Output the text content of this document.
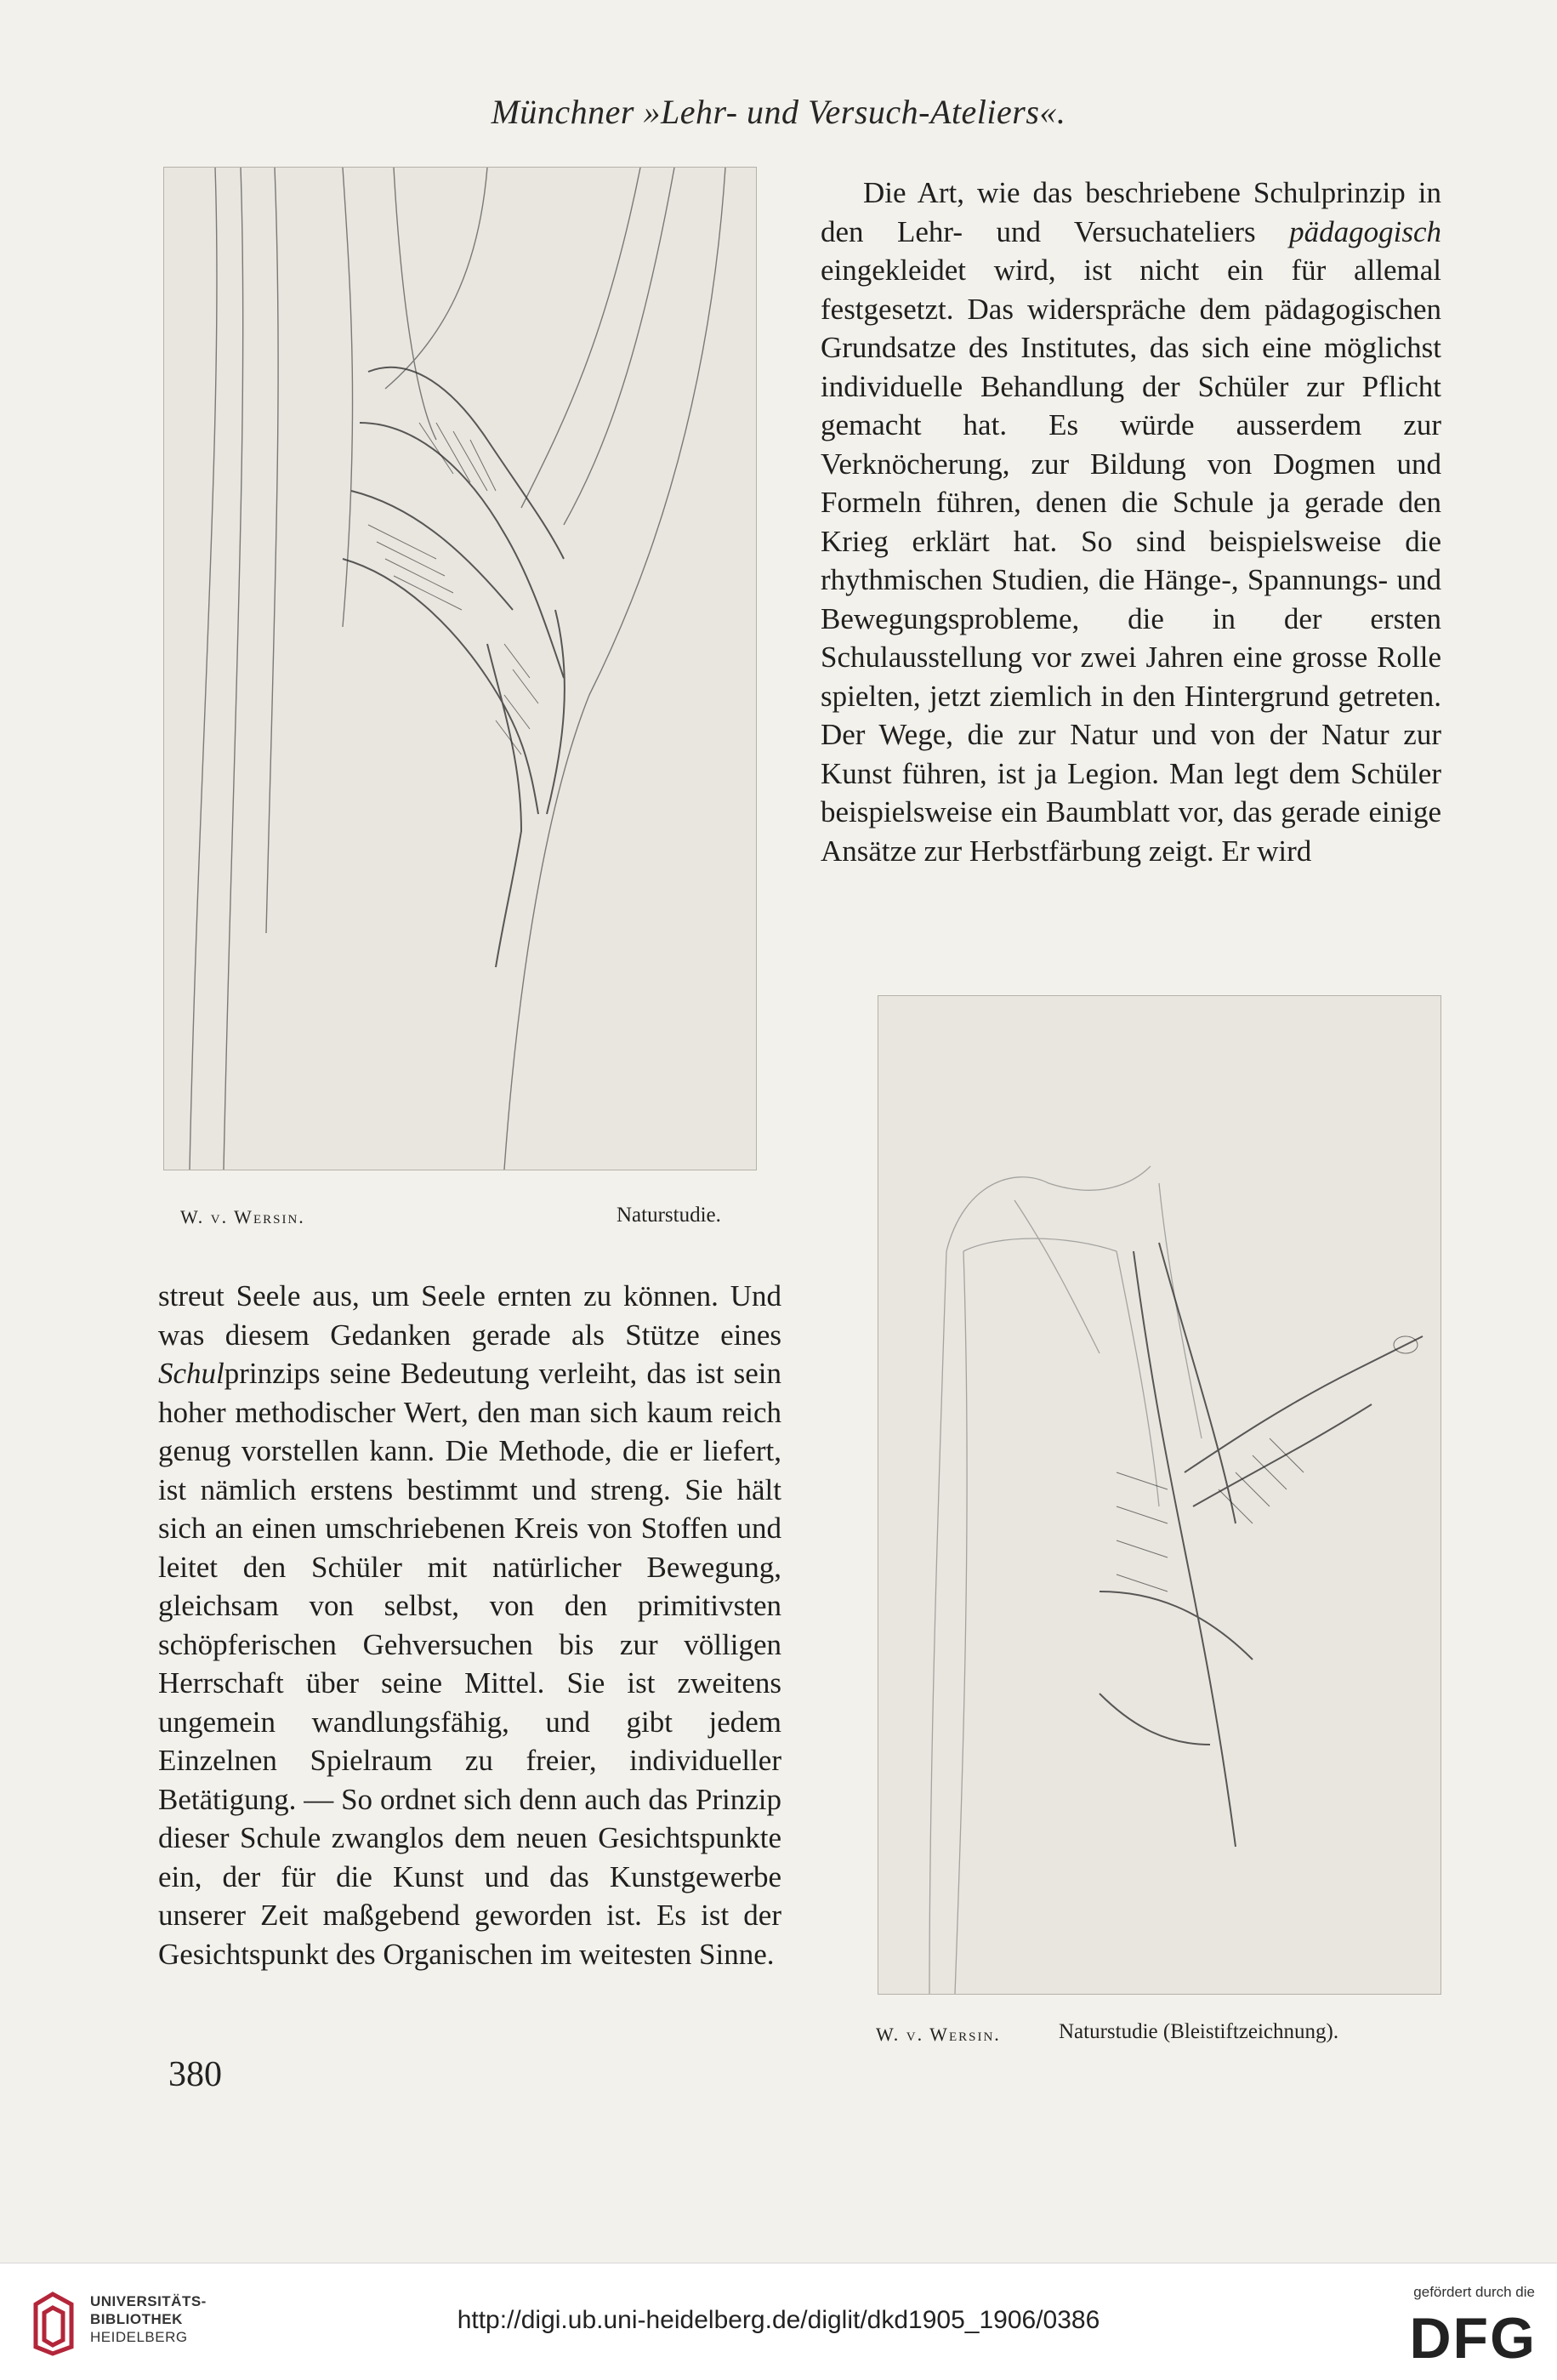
Münchner »Lehr- und Versuch-Ateliers«.
W. v. Wersin.	Naturstudie.

Die Art, wie das beschriebene Schulprinzip in den Lehr- und Versuchateliers pädagogisch eingekleidet wird, ist nicht ein für allemal festgesetzt. Das widerspräche dem pädagogischen Grundsatze des Institutes, das sich eine möglichst individuelle Behandlung der Schüler zur Pflicht gemacht hat. Es würde ausserdem zur Verknöcherung, zur Bildung von Dogmen und Formeln führen, denen die Schule ja gerade den Krieg erklärt hat. So sind beispielsweise die rhythmischen Studien, die Hänge-, Spannungs- und Bewegungsprobleme, die in der ersten Schulausstellung vor zwei Jahren eine grosse Rolle spielten, jetzt ziemlich in den Hintergrund getreten. Der Wege, die zur Natur und von der Natur zur Kunst führen, ist ja Legion. Man legt dem Schüler beispielsweise ein Baumblatt vor, das gerade einige Ansätze zur Herbstfärbung zeigt. Er wird

W. v. Wersin.	Naturstudie (Bleistiftzeichnung).

streut Seele aus, um Seele ernten zu können. Und was diesem Gedanken gerade als Stütze eines Schulprinzips seine Bedeutung verleiht, das ist sein hoher methodischer Wert, den man sich kaum reich genug vorstellen kann. Die Methode, die er liefert, ist nämlich erstens bestimmt und streng. Sie hält sich an einen umschriebenen Kreis von Stoffen und leitet den Schüler mit natürlicher Bewegung, gleichsam von selbst, von den primitivsten schöpferischen Gehversuchen bis zur völligen Herrschaft über seine Mittel. Sie ist zweitens ungemein wandlungsfähig, und gibt jedem Einzelnen Spielraum zu freier, individueller Betätigung. — So ordnet sich denn auch das Prinzip dieser Schule zwanglos dem neuen Gesichtspunkte ein, der für die Kunst und das Kunstgewerbe unserer Zeit maßgebend geworden ist. Es ist der Gesichtspunkt des Organischen im weitesten Sinne.

380
UNIVERSITÄTS-
BIBLIOTHEK
HEIDELBERG
http://digi.ub.uni-heidelberg.de/diglit/dkd1905_1906/0386
gefördert durch die
DFG
